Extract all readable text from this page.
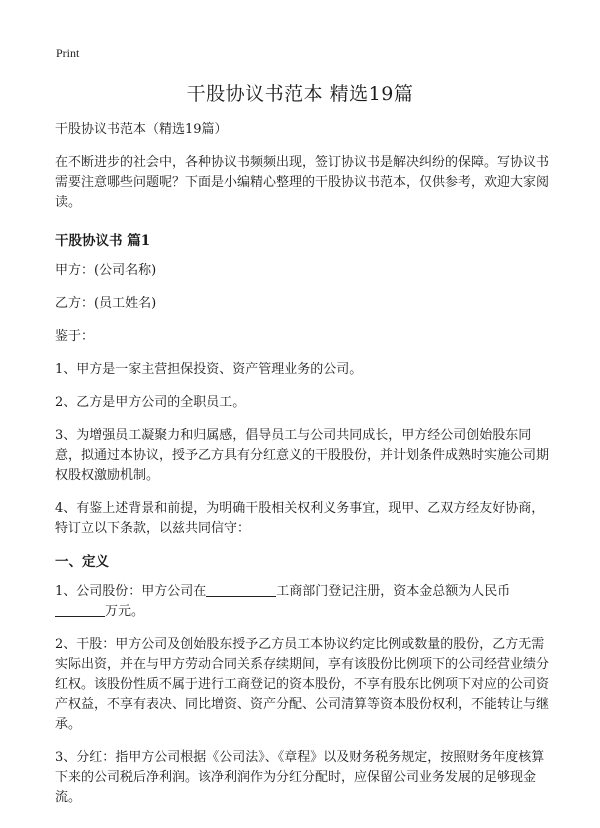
Print
干股协议书范本 精选19篇

干股协议书范本（精选19篇）

在不断进步的社会中，各种协议书频频出现，签订协议书是解决纠纷的保障。写协议书需要注意哪些问题呢？下面是小编精心整理的干股协议书范本，仅供参考，欢迎大家阅读。

干股协议书 篇1

甲方：(公司名称)

乙方：(员工姓名)

鉴于：

1、甲方是一家主营担保投资、资产管理业务的公司。

2、乙方是甲方公司的全职员工。

3、为增强员工凝聚力和归属感，倡导员工与公司共同成长，甲方经公司创始股东同意，拟通过本协议，授予乙方具有分红意义的干股股份，并计划条件成熟时实施公司期权股权激励机制。

4、有鉴上述背景和前提，为明确干股相关权利义务事宜，现甲、乙双方经友好协商，特订立以下条款，以兹共同信守：

一、定义

1、公司股份：甲方公司在	工商部门登记注册，资本金总额为人民币万元。

2、干股：甲方公司及创始股东授予乙方员工本协议约定比例或数量的股份，乙方无需实际出资，并在与甲方劳动合同关系存续期间，享有该股份比例项下的公司经营业绩分红权。该股份性质不属于进行工商登记的资本股份，不享有股东比例项下对应的公司资产权益，不享有表决、同比增资、资产分配、公司清算等资本股份权利，不能转让与继承。

3、分红：指甲方公司根据《公司法》、《章程》以及财务税务规定，按照财务年度核算下来的公司税后净利润。该净利润作为分红分配时，应保留公司业务发展的足够现金流。
